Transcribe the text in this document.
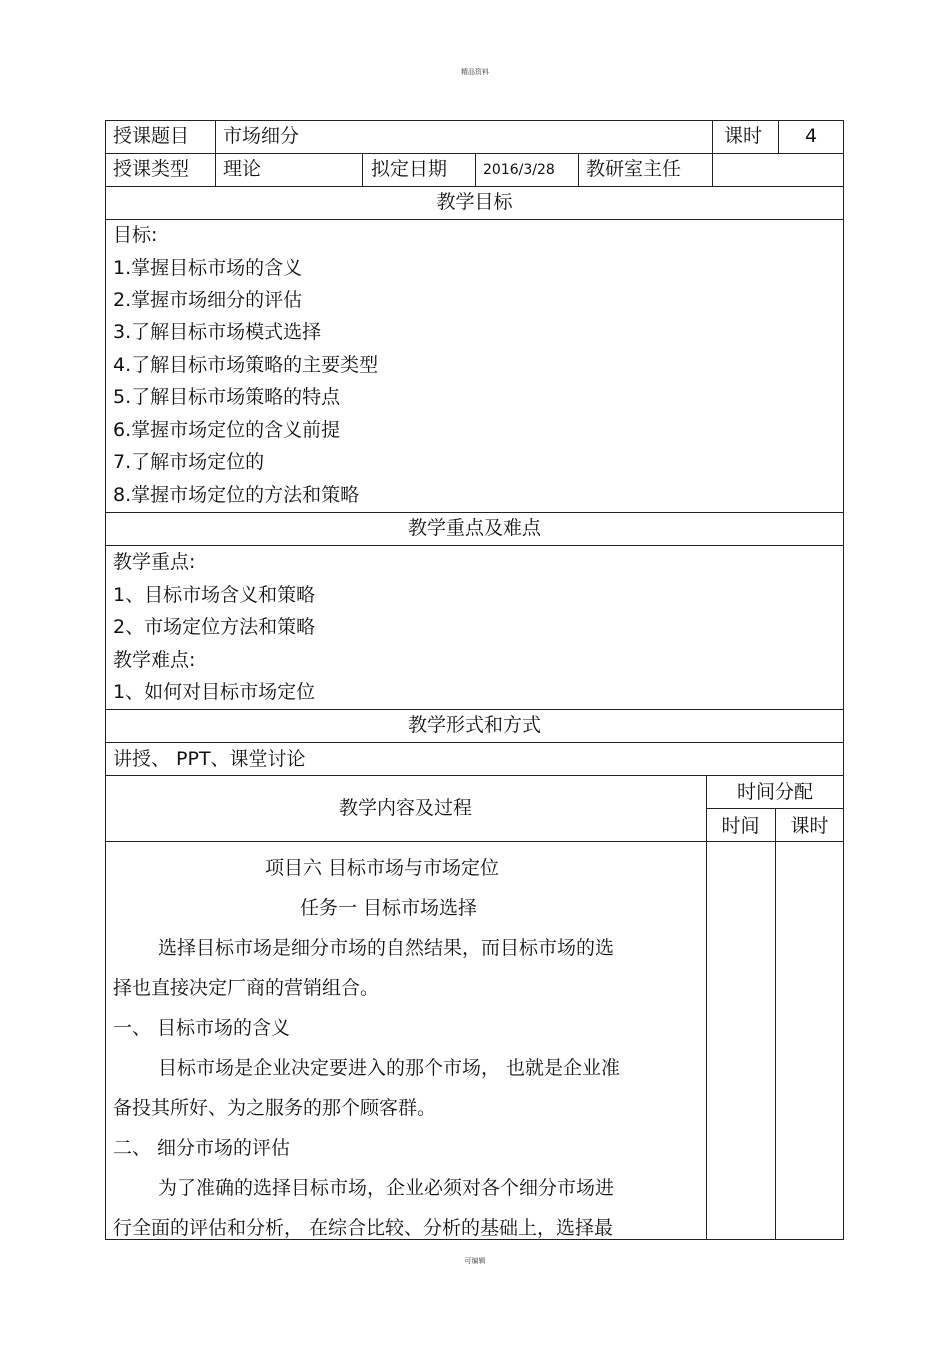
精品资料
可编辑
授课题目 市场细分	课时	4
授课类型 理论	拟定日期	2016/3/28 教研室主任
教学目标
目标:
1.掌握目标市场的含义
2.掌握市场细分的评估
3.了解目标市场模式选择
4.了解目标市场策略的主要类型
5.了解目标市场策略的特点
6.掌握市场定位的含义前提
7.了解市场定位的
8.掌握市场定位的方法和策略
教学重点及难点
教学重点:
1、目标市场含义和策略
2、市场定位方法和策略
教学难点:
1、如何对目标市场定位
教学形式和方式
讲授、 PPT、课堂讨论
教学内容及过程
时间分配
时间	课时
项目六 目标市场与市场定位
任务一 目标市场选择
选择目标市场是细分市场的自然结果，而目标市场的选
择也直接决定厂商的营销组合。
一、 目标市场的含义
目标市场是企业决定要进入的那个市场， 也就是企业准
备投其所好、为之服务的那个顾客群。
二、 细分市场的评估
为了准确的选择目标市场，企业必须对各个细分市场进
行全面的评估和分析， 在综合比较、分析的基础上，选择最
